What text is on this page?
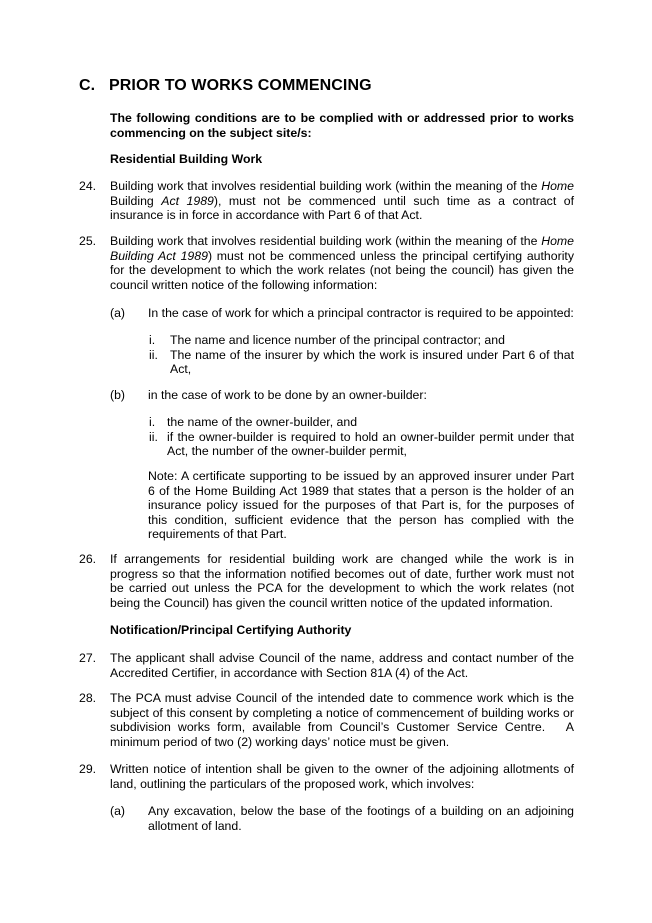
C. PRIOR TO WORKS COMMENCING

The following conditions are to be complied with or addressed prior to works commencing on the subject site/s:

Residential Building Work

24. Building work that involves residential building work (within the meaning of the Home Building Act 1989), must not be commenced until such time as a contract of insurance is in force in accordance with Part 6 of that Act.

25. Building work that involves residential building work (within the meaning of the Home Building Act 1989) must not be commenced unless the principal certifying authority for the development to which the work relates (not being the council) has given the council written notice of the following information:

(a) In the case of work for which a principal contractor is required to be appointed:
i. The name and licence number of the principal contractor; and
ii. The name of the insurer by which the work is insured under Part 6 of that Act,
(b) in the case of work to be done by an owner-builder:
i. the name of the owner-builder, and
ii. if the owner-builder is required to hold an owner-builder permit under that Act, the number of the owner-builder permit,

Note: A certificate supporting to be issued by an approved insurer under Part 6 of the Home Building Act 1989 that states that a person is the holder of an insurance policy issued for the purposes of that Part is, for the purposes of this condition, sufficient evidence that the person has complied with the requirements of that Part.

26. If arrangements for residential building work are changed while the work is in progress so that the information notified becomes out of date, further work must not be carried out unless the PCA for the development to which the work relates (not being the Council) has given the council written notice of the updated information.

Notification/Principal Certifying Authority

27. The applicant shall advise Council of the name, address and contact number of the Accredited Certifier, in accordance with Section 81A (4) of the Act.

28. The PCA must advise Council of the intended date to commence work which is the subject of this consent by completing a notice of commencement of building works or subdivision works form, available from Council’s Customer Service Centre.   A minimum period of two (2) working days’ notice must be given.

29. Written notice of intention shall be given to the owner of the adjoining allotments of land, outlining the particulars of the proposed work, which involves:

(a) Any excavation, below the base of the footings of a building on an adjoining allotment of land.
